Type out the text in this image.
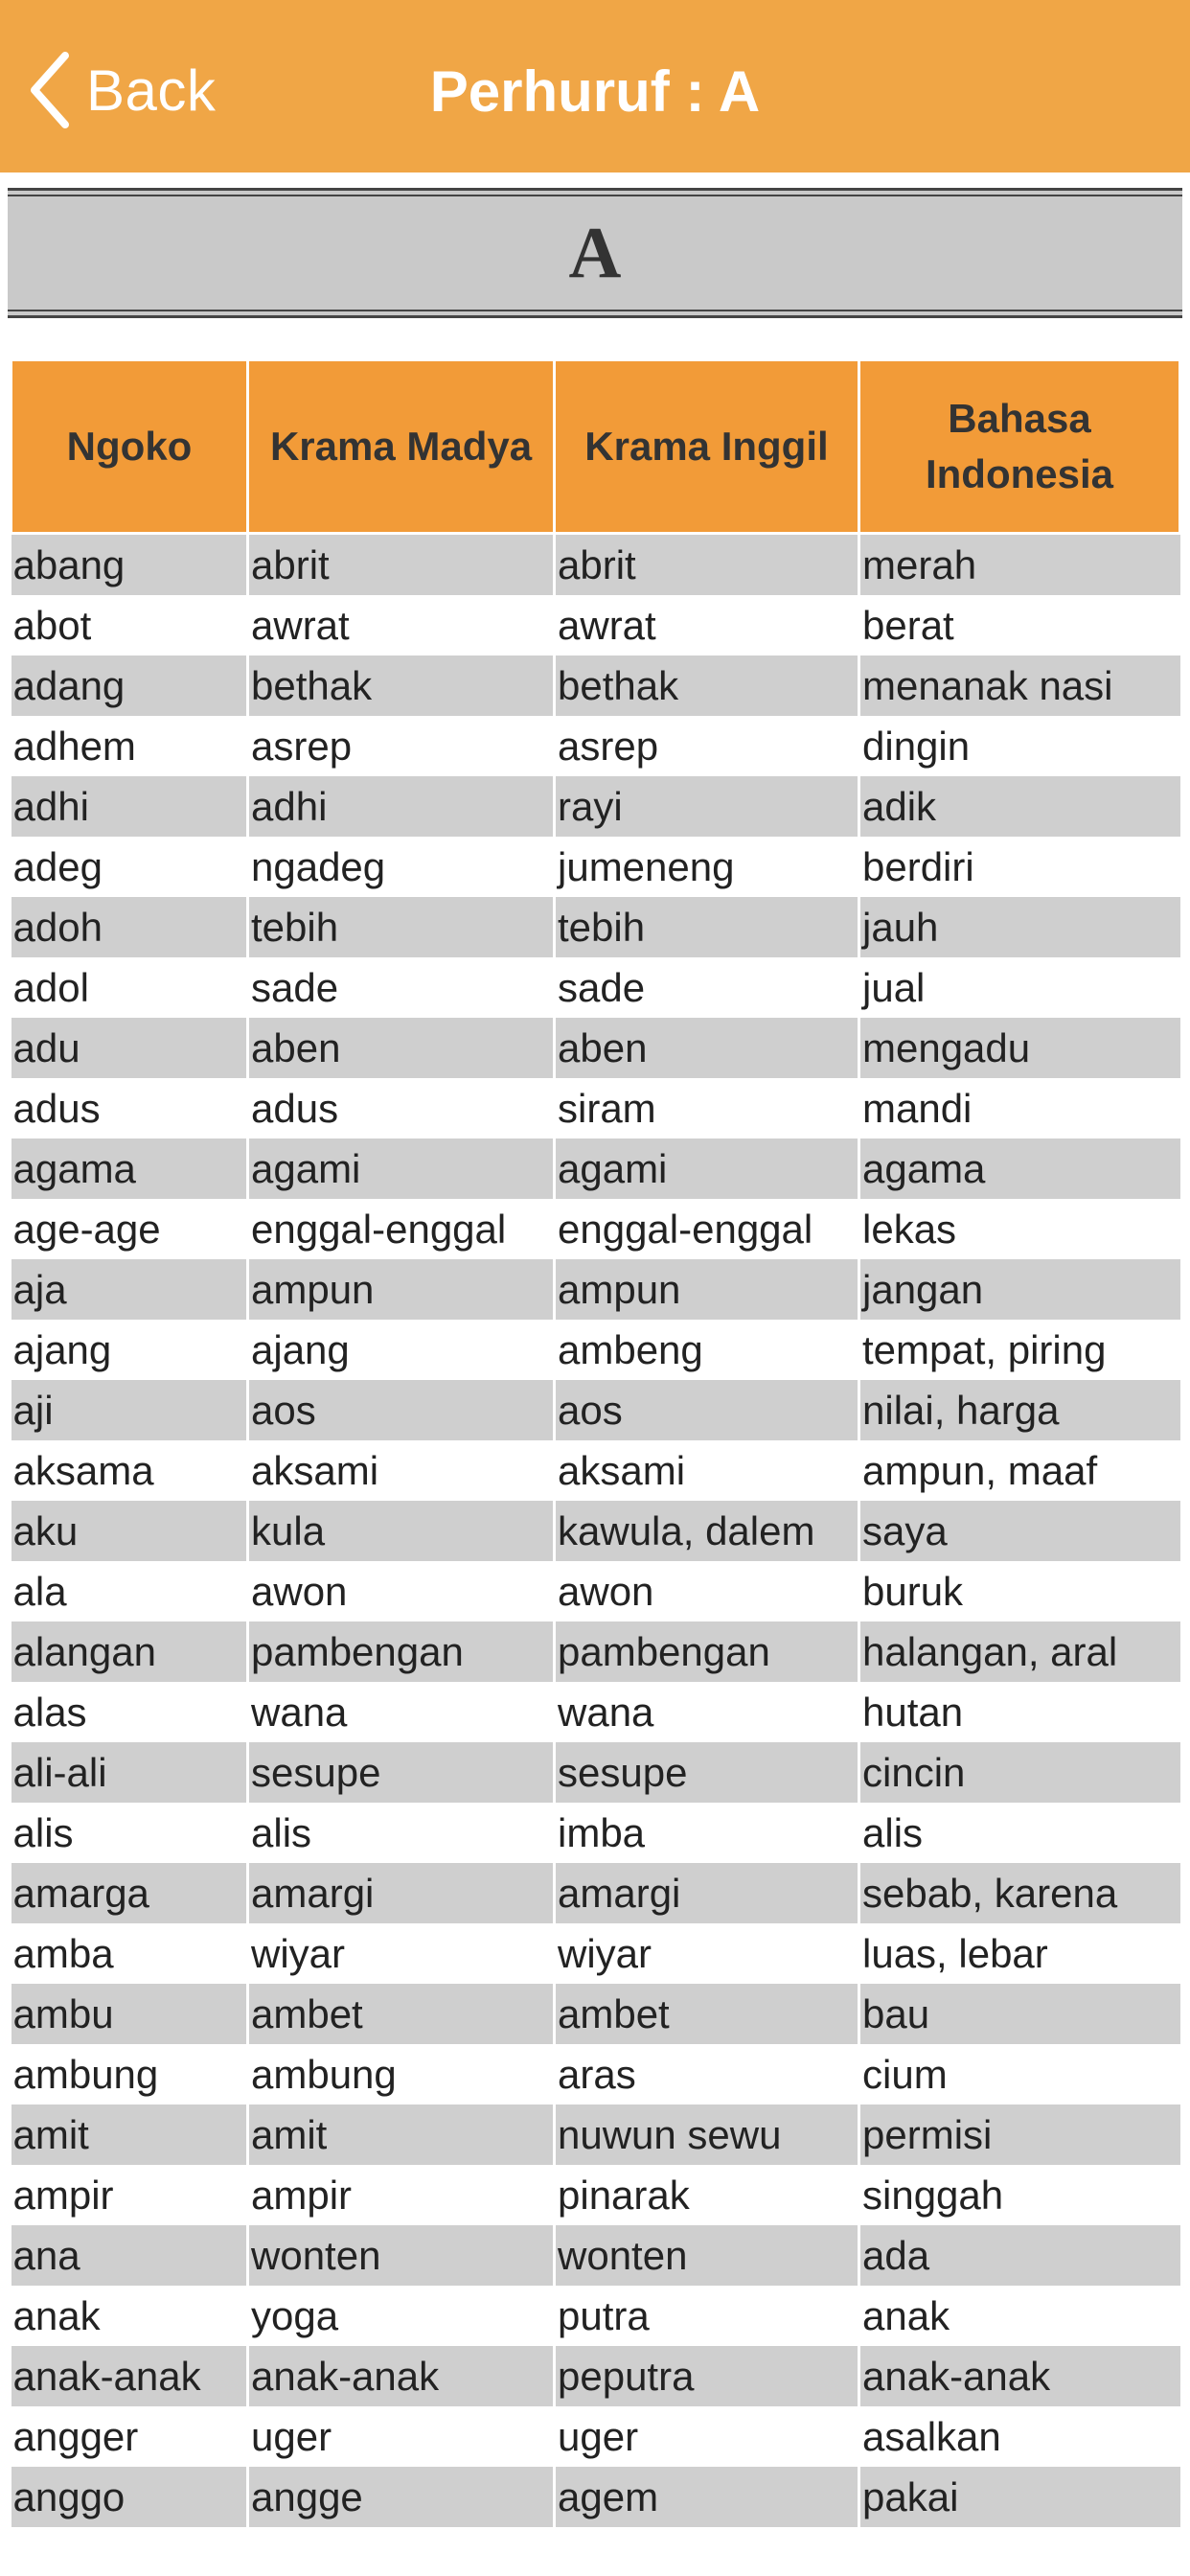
Back	Perhuruf : A
A
Ngoko	Krama Madya	Krama Inggil	Bahasa
Indonesia
abang	abrit	abrit	merah
abot	awrat	awrat	berat
adang	bethak	bethak	menanak nasi
adhem	asrep	asrep	dingin
adhi	adhi	rayi	adik
adeg	ngadeg	jumeneng	berdiri
adoh	tebih	tebih	jauh
adol	sade	sade	jual
adu	aben	aben	mengadu
adus	adus	siram	mandi
agama	agami	agami	agama
age-age	enggal-enggal	enggal-enggal	lekas
aja	ampun	ampun	jangan
ajang	ajang	ambeng	tempat, piring
aji	aos	aos	nilai, harga
aksama	aksami	aksami	ampun, maaf
aku	kula	kawula, dalem	saya
ala	awon	awon	buruk
alangan	pambengan	pambengan	halangan, aral
alas	wana	wana	hutan
ali-ali	sesupe	sesupe	cincin
alis	alis	imba	alis
amarga	amargi	amargi	sebab, karena
amba	wiyar	wiyar	luas, lebar
ambu	ambet	ambet	bau
ambung	ambung	aras	cium
amit	amit	nuwun sewu	permisi
ampir	ampir	pinarak	singgah
ana	wonten	wonten	ada
anak	yoga	putra	anak
anak-anak	anak-anak	peputra	anak-anak
angger	uger	uger	asalkan
anggo	angge	agem	pakai
